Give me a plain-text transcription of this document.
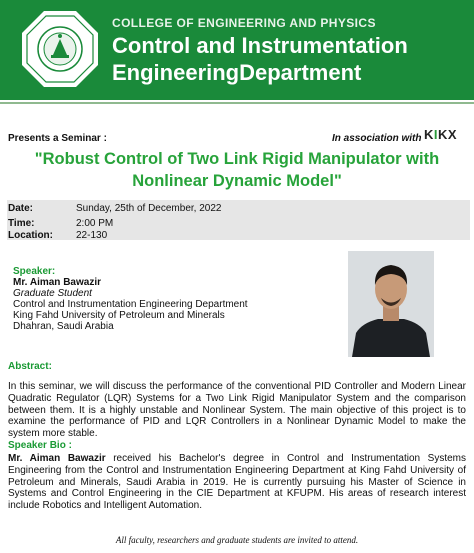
COLLEGE OF ENGINEERING AND PHYSICS
Control and Instrumentation
EngineeringDepartment
Presents a Seminar :	In association with KIKX
"Robust Control of Two Link Rigid Manipulator with Nonlinear Dynamic Model"
Date:	Sunday, 25th of December, 2022
Time:	2:00 PM
Location: 22-130
Speaker:
Mr. Aiman Bawazir
Graduate Student
Control and Instrumentation Engineering Department
King Fahd University of Petroleum and Minerals
Dhahran, Saudi Arabia
Abstract:
In this seminar, we will discuss the performance of the conventional PID Controller and Modern Linear Quadratic Regulator (LQR) Systems for a Two Link Rigid Manipulator System and the comparison between them. It is a highly unstable and Nonlinear System. The main objective of this project is to examine the performance of PID and LQR Controllers in a Nonlinear Dynamic Model to make the system more stable.
Speaker Bio :
Mr. Aiman Bawazir received his Bachelor's degree in Control and Instrumentation Systems Engineering from the Control and Instrumentation Engineering Department at King Fahd University of Petroleum and Minerals, Saudi Arabia in 2019. He is currently pursuing his Master of Science in Systems and Control Engineering in the CIE Department at KFUPM. His areas of research interest include Robotics and Intelligent Automation.
All faculty, researchers and graduate students are invited to attend.
